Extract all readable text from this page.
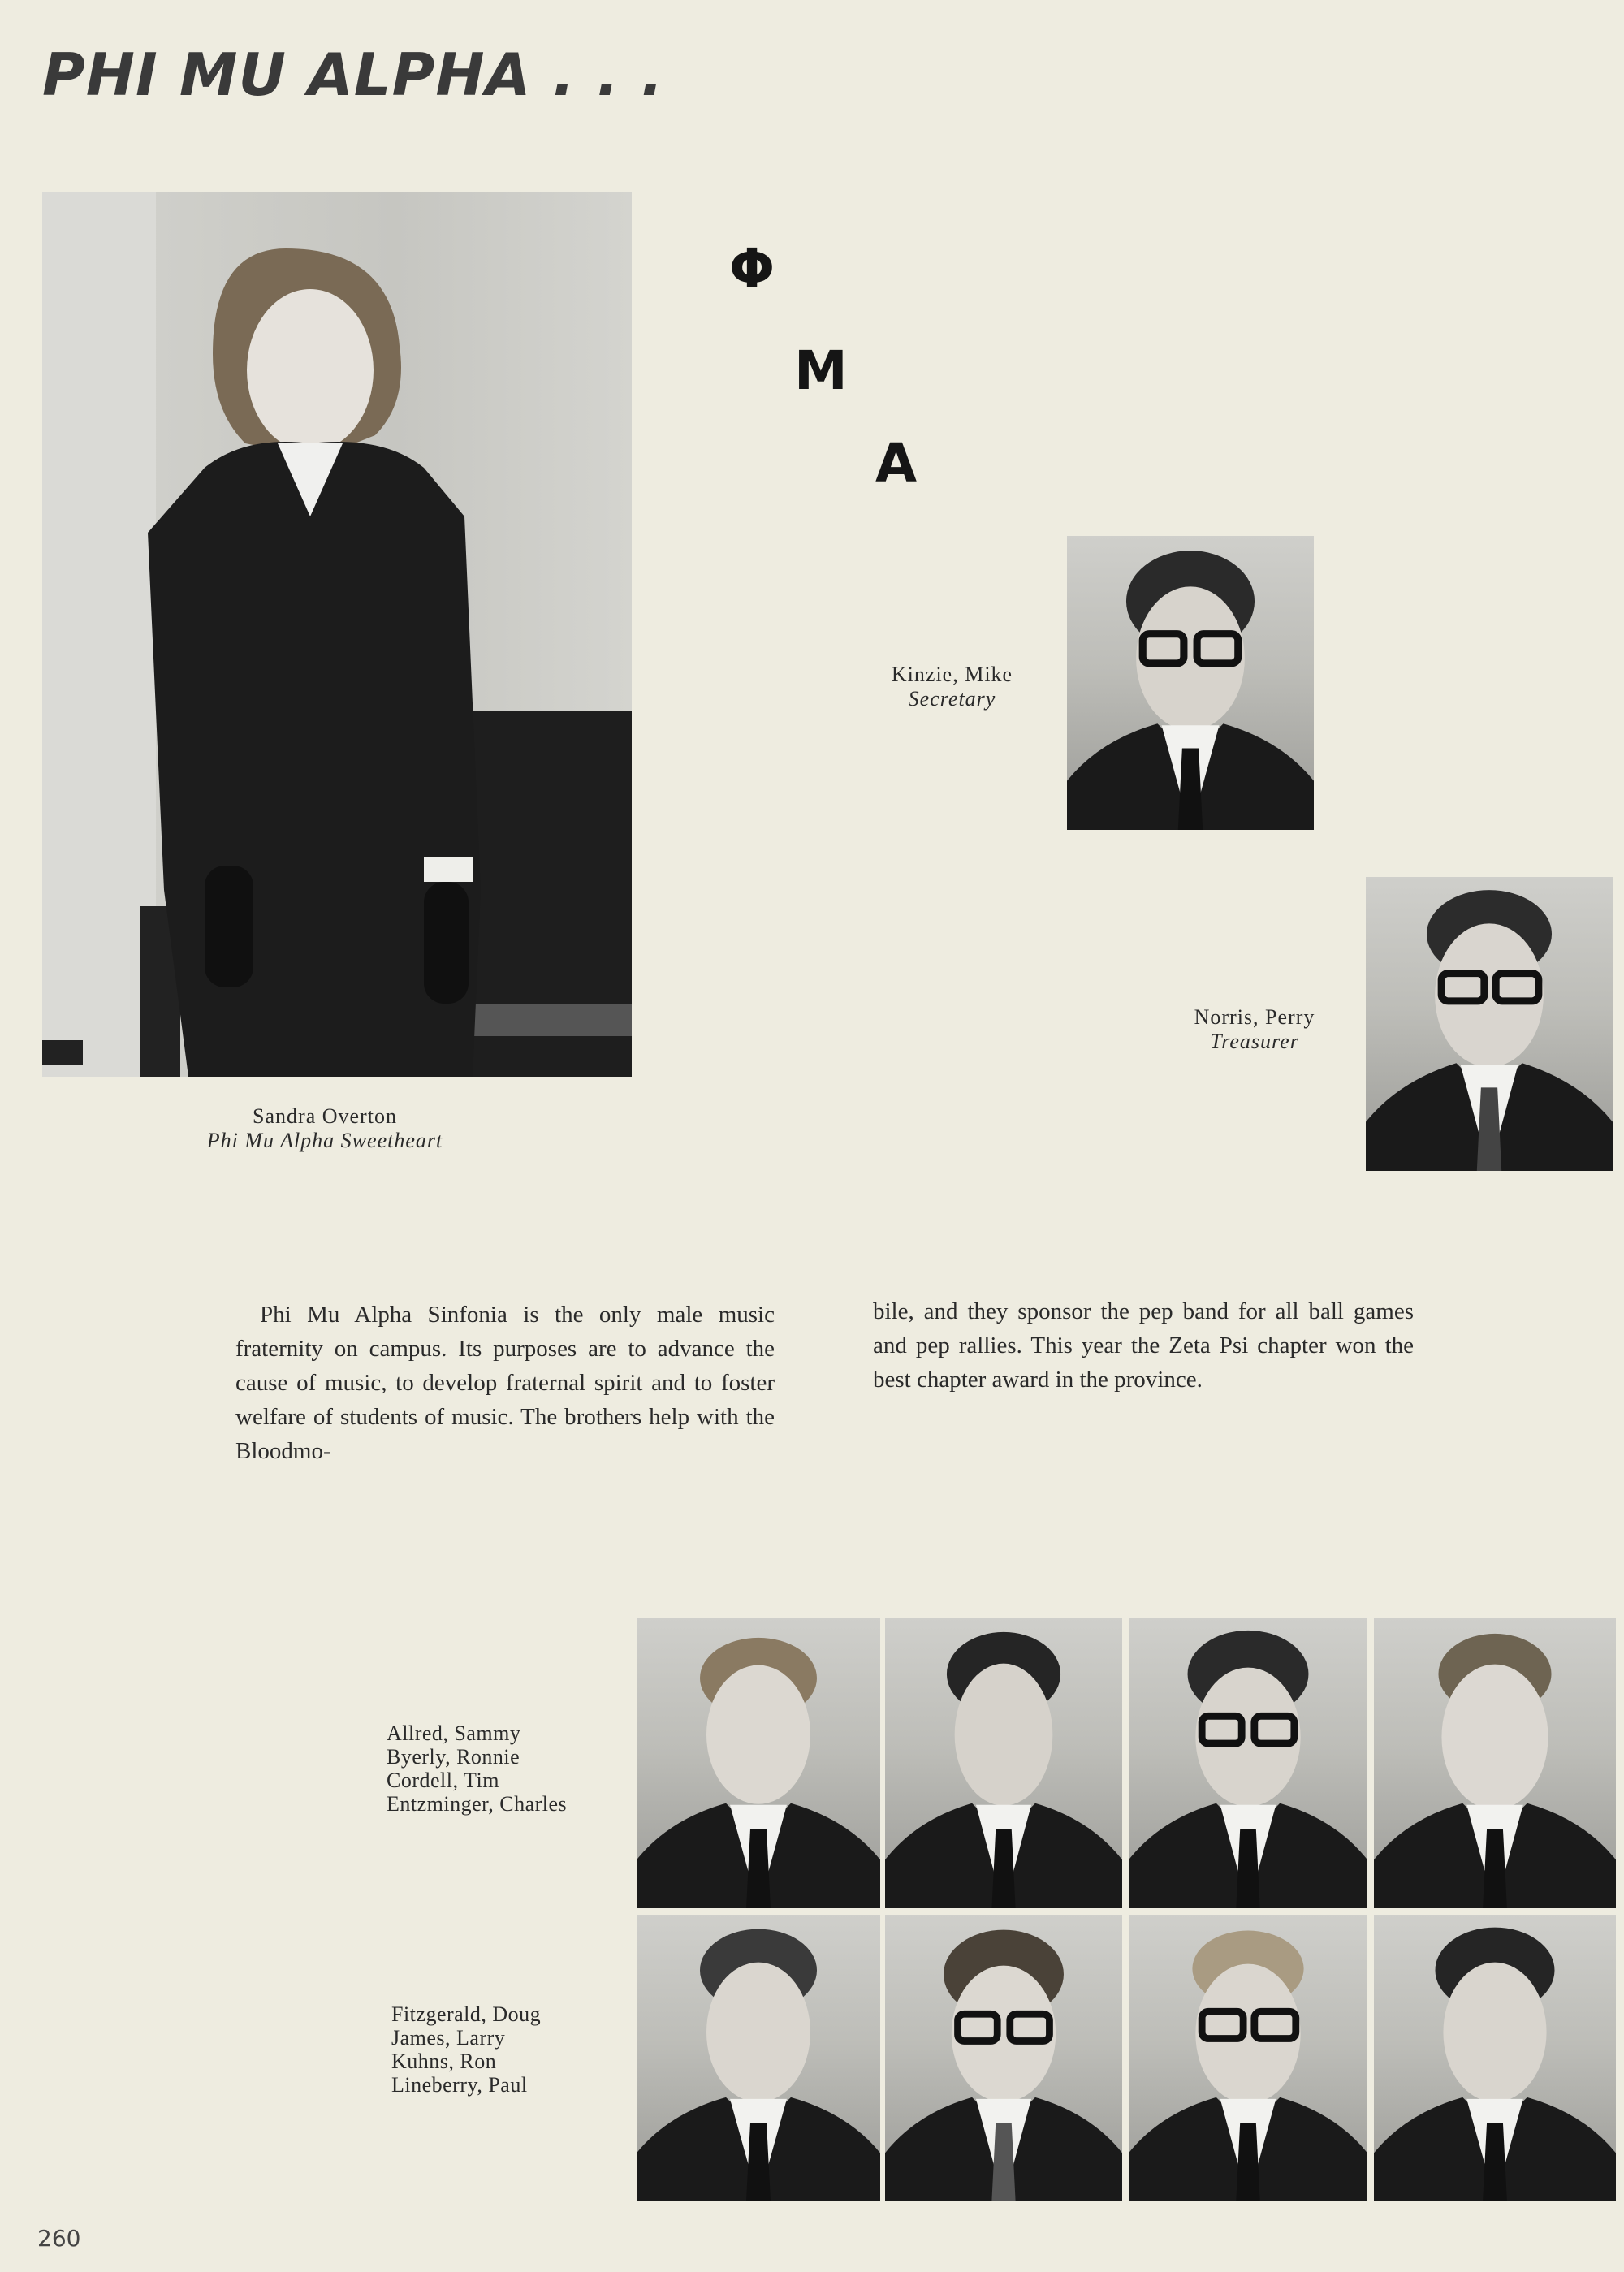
PHI MU ALPHA . . .
Sandra Overton
Phi Mu Alpha Sweetheart
Φ
Μ
Α
Kinzie, Mike
Secretary
Norris, Perry
Treasurer
Phi Mu Alpha Sinfonia is the only male music fraternity on campus. Its purposes are to advance the cause of music, to develop fraternal spirit and to foster welfare of students of music. The brothers help with the Bloodmo-
bile, and they sponsor the pep band for all ball games and pep rallies. This year the Zeta Psi chapter won the best chapter award in the province.
Allred, Sammy
Byerly, Ronnie
Cordell, Tim
Entzminger, Charles
Fitzgerald, Doug
James, Larry
Kuhns, Ron
Lineberry, Paul
260
